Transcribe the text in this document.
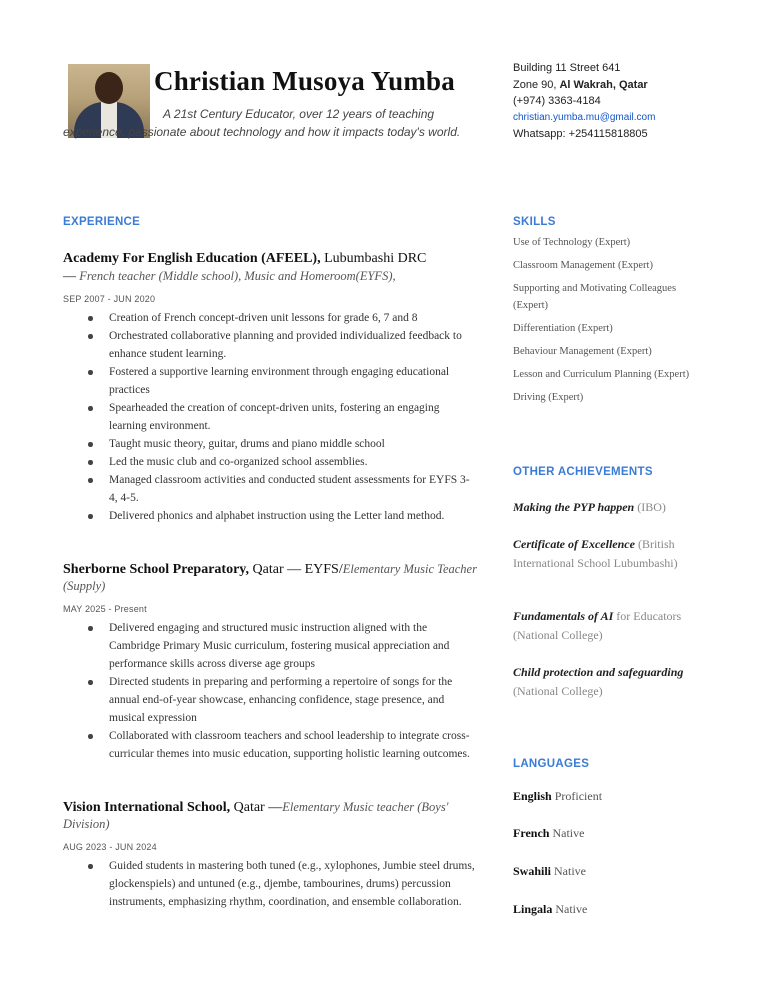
Christian Musoya Yumba

A 21st Century Educator, over 12 years of teaching experience, passionate about technology and how it impacts today's world.

Building 11 Street 641
Zone 90, Al Wakrah, Qatar
(+974) 3363-4184
christian.yumba.mu@gmail.com
Whatsapp: +254115818805
EXPERIENCE

Academy For English Education (AFEEL), Lubumbashi DRC
— French teacher (Middle school), Music and Homeroom(EYFS),

SEP 2007 - JUN 2020
Creation of French concept-driven unit lessons for grade 6, 7 and 8
Orchestrated collaborative planning and provided individualized feedback to enhance student learning.
Fostered a supportive learning environment through engaging educational practices
Spearheaded the creation of concept-driven units, fostering an engaging learning environment.
Taught music theory, guitar, drums and piano middle school
Led the music club and co-organized school assemblies.
Managed classroom activities and conducted student assessments for EYFS 3-4, 4-5.
Delivered phonics and alphabet instruction using the Letter land method.

Sherborne School Preparatory, Qatar — EYFS/Elementary Music Teacher (Supply)

MAY 2025 - Present
Delivered engaging and structured music instruction aligned with the Cambridge Primary Music curriculum, fostering musical appreciation and performance skills across diverse age groups
Directed students in preparing and performing a repertoire of songs for the annual end-of-year showcase, enhancing confidence, stage presence, and musical expression
Collaborated with classroom teachers and school leadership to integrate cross-curricular themes into music education, supporting holistic learning outcomes.

Vision International School, Qatar —Elementary Music teacher (Boys' Division)

AUG 2023 - JUN 2024
Guided students in mastering both tuned (e.g., xylophones, Jumbie steel drums, glockenspiels) and untuned (e.g., djembe, tambourines, drums) percussion instruments, emphasizing rhythm, coordination, and ensemble collaboration.
SKILLS

Use of Technology (Expert)

Classroom Management (Expert)

Supporting and Motivating Colleagues (Expert)

Differentiation (Expert)

Behaviour Management (Expert)

Lesson and Curriculum Planning (Expert)

Driving (Expert)

OTHER ACHIEVEMENTS

Making the PYP happen (IBO)

Certificate of Excellence (British International School Lubumbashi)

Fundamentals of AI for Educators (National College)

Child protection and safeguarding (National College)

LANGUAGES

English Proficient

French Native

Swahili Native

Lingala Native
